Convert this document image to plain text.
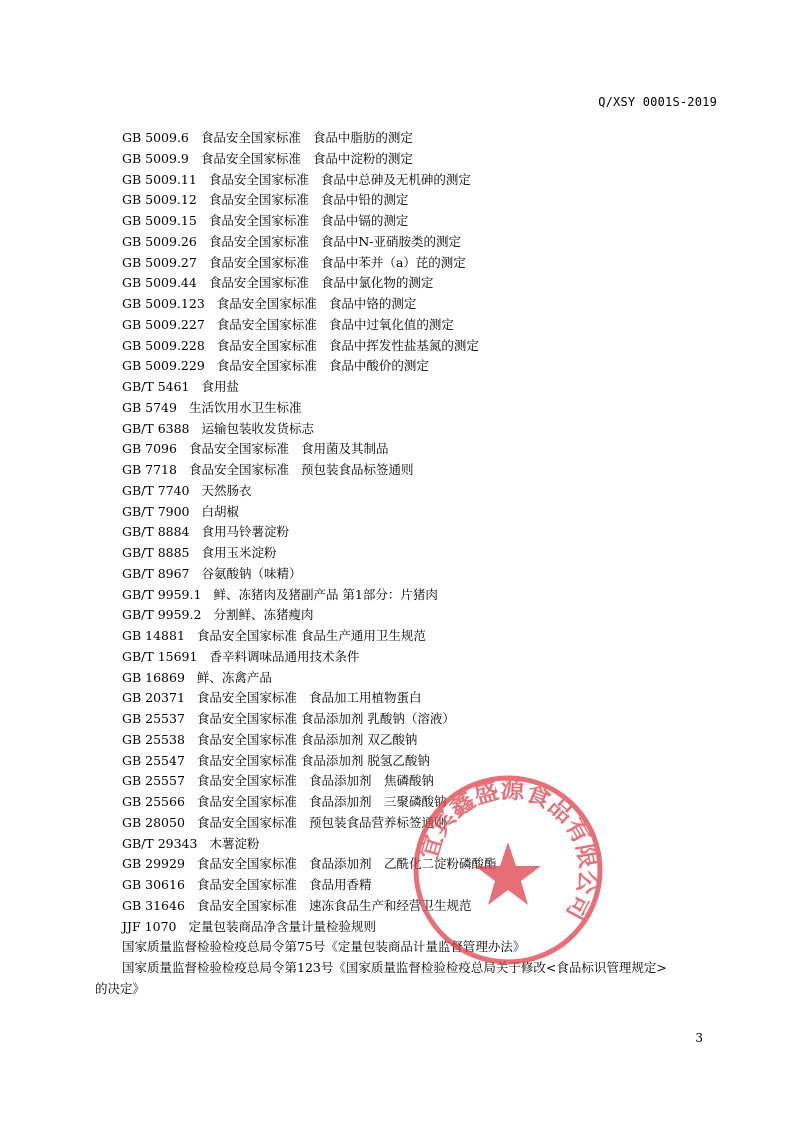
Q/XSY 0001S-2019
GB 5009.6 食品安全国家标准 食品中脂肪的测定
GB 5009.9 食品安全国家标准 食品中淀粉的测定
GB 5009.11 食品安全国家标准 食品中总砷及无机砷的测定
GB 5009.12 食品安全国家标准 食品中铅的测定
GB 5009.15 食品安全国家标准 食品中镉的测定
GB 5009.26 食品安全国家标准 食品中N-亚硝胺类的测定
GB 5009.27 食品安全国家标准 食品中苯并（a）芘的测定
GB 5009.44 食品安全国家标准 食品中氯化物的测定
GB 5009.123 食品安全国家标准 食品中铬的测定
GB 5009.227 食品安全国家标准 食品中过氧化值的测定
GB 5009.228 食品安全国家标准 食品中挥发性盐基氮的测定
GB 5009.229 食品安全国家标准 食品中酸价的测定
GB/T 5461 食用盐
GB 5749 生活饮用水卫生标准
GB/T 6388 运输包装收发货标志
GB 7096 食品安全国家标准 食用菌及其制品
GB 7718 食品安全国家标准 预包装食品标签通则
GB/T 7740 天然肠衣
GB/T 7900 白胡椒
GB/T 8884 食用马铃薯淀粉
GB/T 8885 食用玉米淀粉
GB/T 8967 谷氨酸钠（味精）
GB/T 9959.1 鲜、冻猪肉及猪副产品 第1部分：片猪肉
GB/T 9959.2 分割鲜、冻猪瘦肉
GB 14881 食品安全国家标准 食品生产通用卫生规范
GB/T 15691 香辛料调味品通用技术条件
GB 16869 鲜、冻禽产品
GB 20371 食品安全国家标准 食品加工用植物蛋白
GB 25537 食品安全国家标准 食品添加剂 乳酸钠（溶液）
GB 25538 食品安全国家标准 食品添加剂 双乙酸钠
GB 25547 食品安全国家标准 食品添加剂 脱氢乙酸钠
GB 25557 食品安全国家标准 食品添加剂　焦磷酸钠
GB 25566 食品安全国家标准 食品添加剂　三聚磷酸钠
GB 28050 食品安全国家标准 预包装食品营养标签通则
GB/T 29343 木薯淀粉
GB 29929 食品安全国家标准 食品添加剂　乙酰化二淀粉磷酸酯
GB 30616 食品安全国家标准 食品用香精
GB 31646 食品安全国家标准 速冻食品生产和经营卫生规范
JJF 1070 定量包装商品净含量计量检验规则
国家质量监督检验检疫总局令第75号《定量包装商品计量监督管理办法》
国家质量监督检验检疫总局令第123号《国家质量监督检验检疫总局关于修改<食品标识管理规定>
的决定》
宜宾鑫盛源食品有限公司
3
